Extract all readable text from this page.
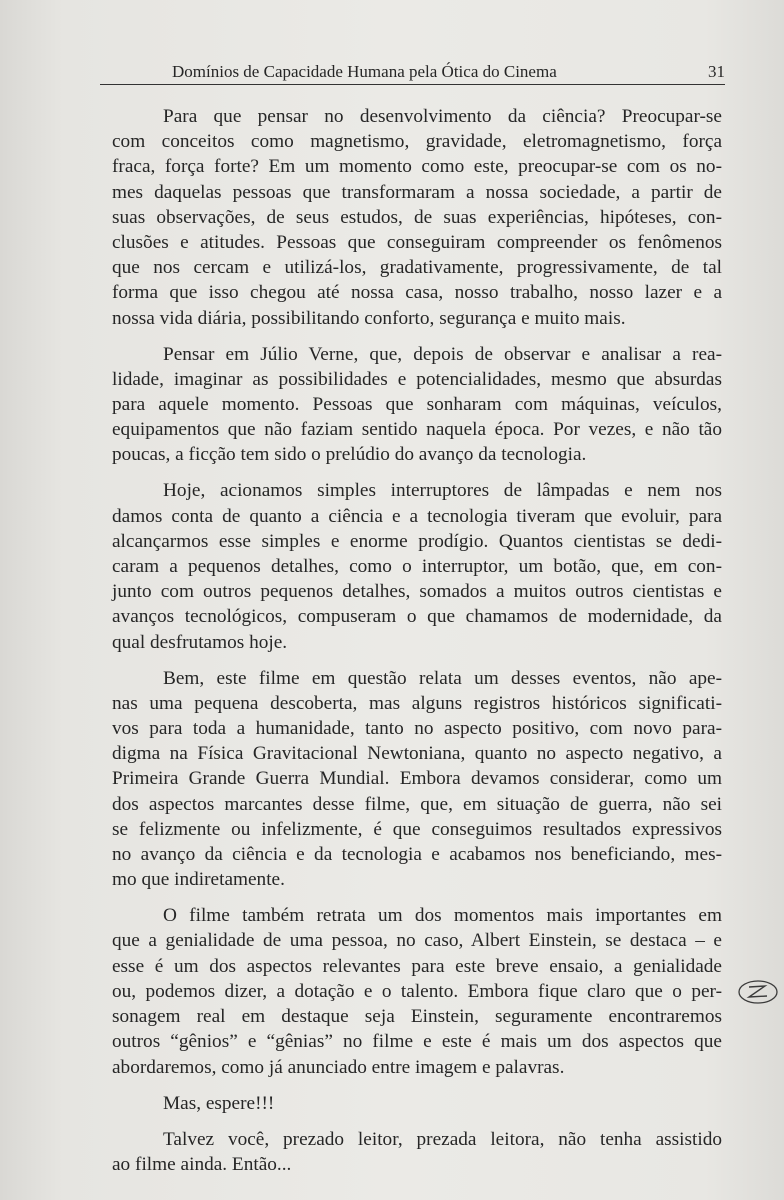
Domínios de Capacidade Humana pela Ótica do Cinema	31
Para que pensar no desenvolvimento da ciência? Preocupar-se
com conceitos como magnetismo, gravidade, eletromagnetismo, força
fraca, força forte? Em um momento como este, preocupar-se com os no-
mes daquelas pessoas que transformaram a nossa sociedade, a partir de
suas observações, de seus estudos, de suas experiências, hipóteses, con-
clusões e atitudes. Pessoas que conseguiram compreender os fenômenos
que nos cercam e utilizá-los, gradativamente, progressivamente, de tal
forma que isso chegou até nossa casa, nosso trabalho, nosso lazer e a
nossa vida diária, possibilitando conforto, segurança e muito mais.
Pensar em Júlio Verne, que, depois de observar e analisar a rea-
lidade, imaginar as possibilidades e potencialidades, mesmo que absurdas
para aquele momento. Pessoas que sonharam com máquinas, veículos,
equipamentos que não faziam sentido naquela época. Por vezes, e não tão
poucas, a ficção tem sido o prelúdio do avanço da tecnologia.
Hoje, acionamos simples interruptores de lâmpadas e nem nos
damos conta de quanto a ciência e a tecnologia tiveram que evoluir, para
alcançarmos esse simples e enorme prodígio. Quantos cientistas se dedi-
caram a pequenos detalhes, como o interruptor, um botão, que, em con-
junto com outros pequenos detalhes, somados a muitos outros cientistas e
avanços tecnológicos, compuseram o que chamamos de modernidade, da
qual desfrutamos hoje.
Bem, este filme em questão relata um desses eventos, não ape-
nas uma pequena descoberta, mas alguns registros históricos significati-
vos para toda a humanidade, tanto no aspecto positivo, com novo para-
digma na Física Gravitacional Newtoniana, quanto no aspecto negativo, a
Primeira Grande Guerra Mundial. Embora devamos considerar, como um
dos aspectos marcantes desse filme, que, em situação de guerra, não sei
se felizmente ou infelizmente, é que conseguimos resultados expressivos
no avanço da ciência e da tecnologia e acabamos nos beneficiando, mes-
mo que indiretamente.
O filme também retrata um dos momentos mais importantes em
que a genialidade de uma pessoa, no caso, Albert Einstein, se destaca – e
esse é um dos aspectos relevantes para este breve ensaio, a genialidade
ou, podemos dizer, a dotação e o talento. Embora fique claro que o per-
sonagem real em destaque seja Einstein, seguramente encontraremos
outros “gênios” e “gênias” no filme e este é mais um dos aspectos que
abordaremos, como já anunciado entre imagem e palavras.
Mas, espere!!!
Talvez você, prezado leitor, prezada leitora, não tenha assistido
ao filme ainda. Então...
